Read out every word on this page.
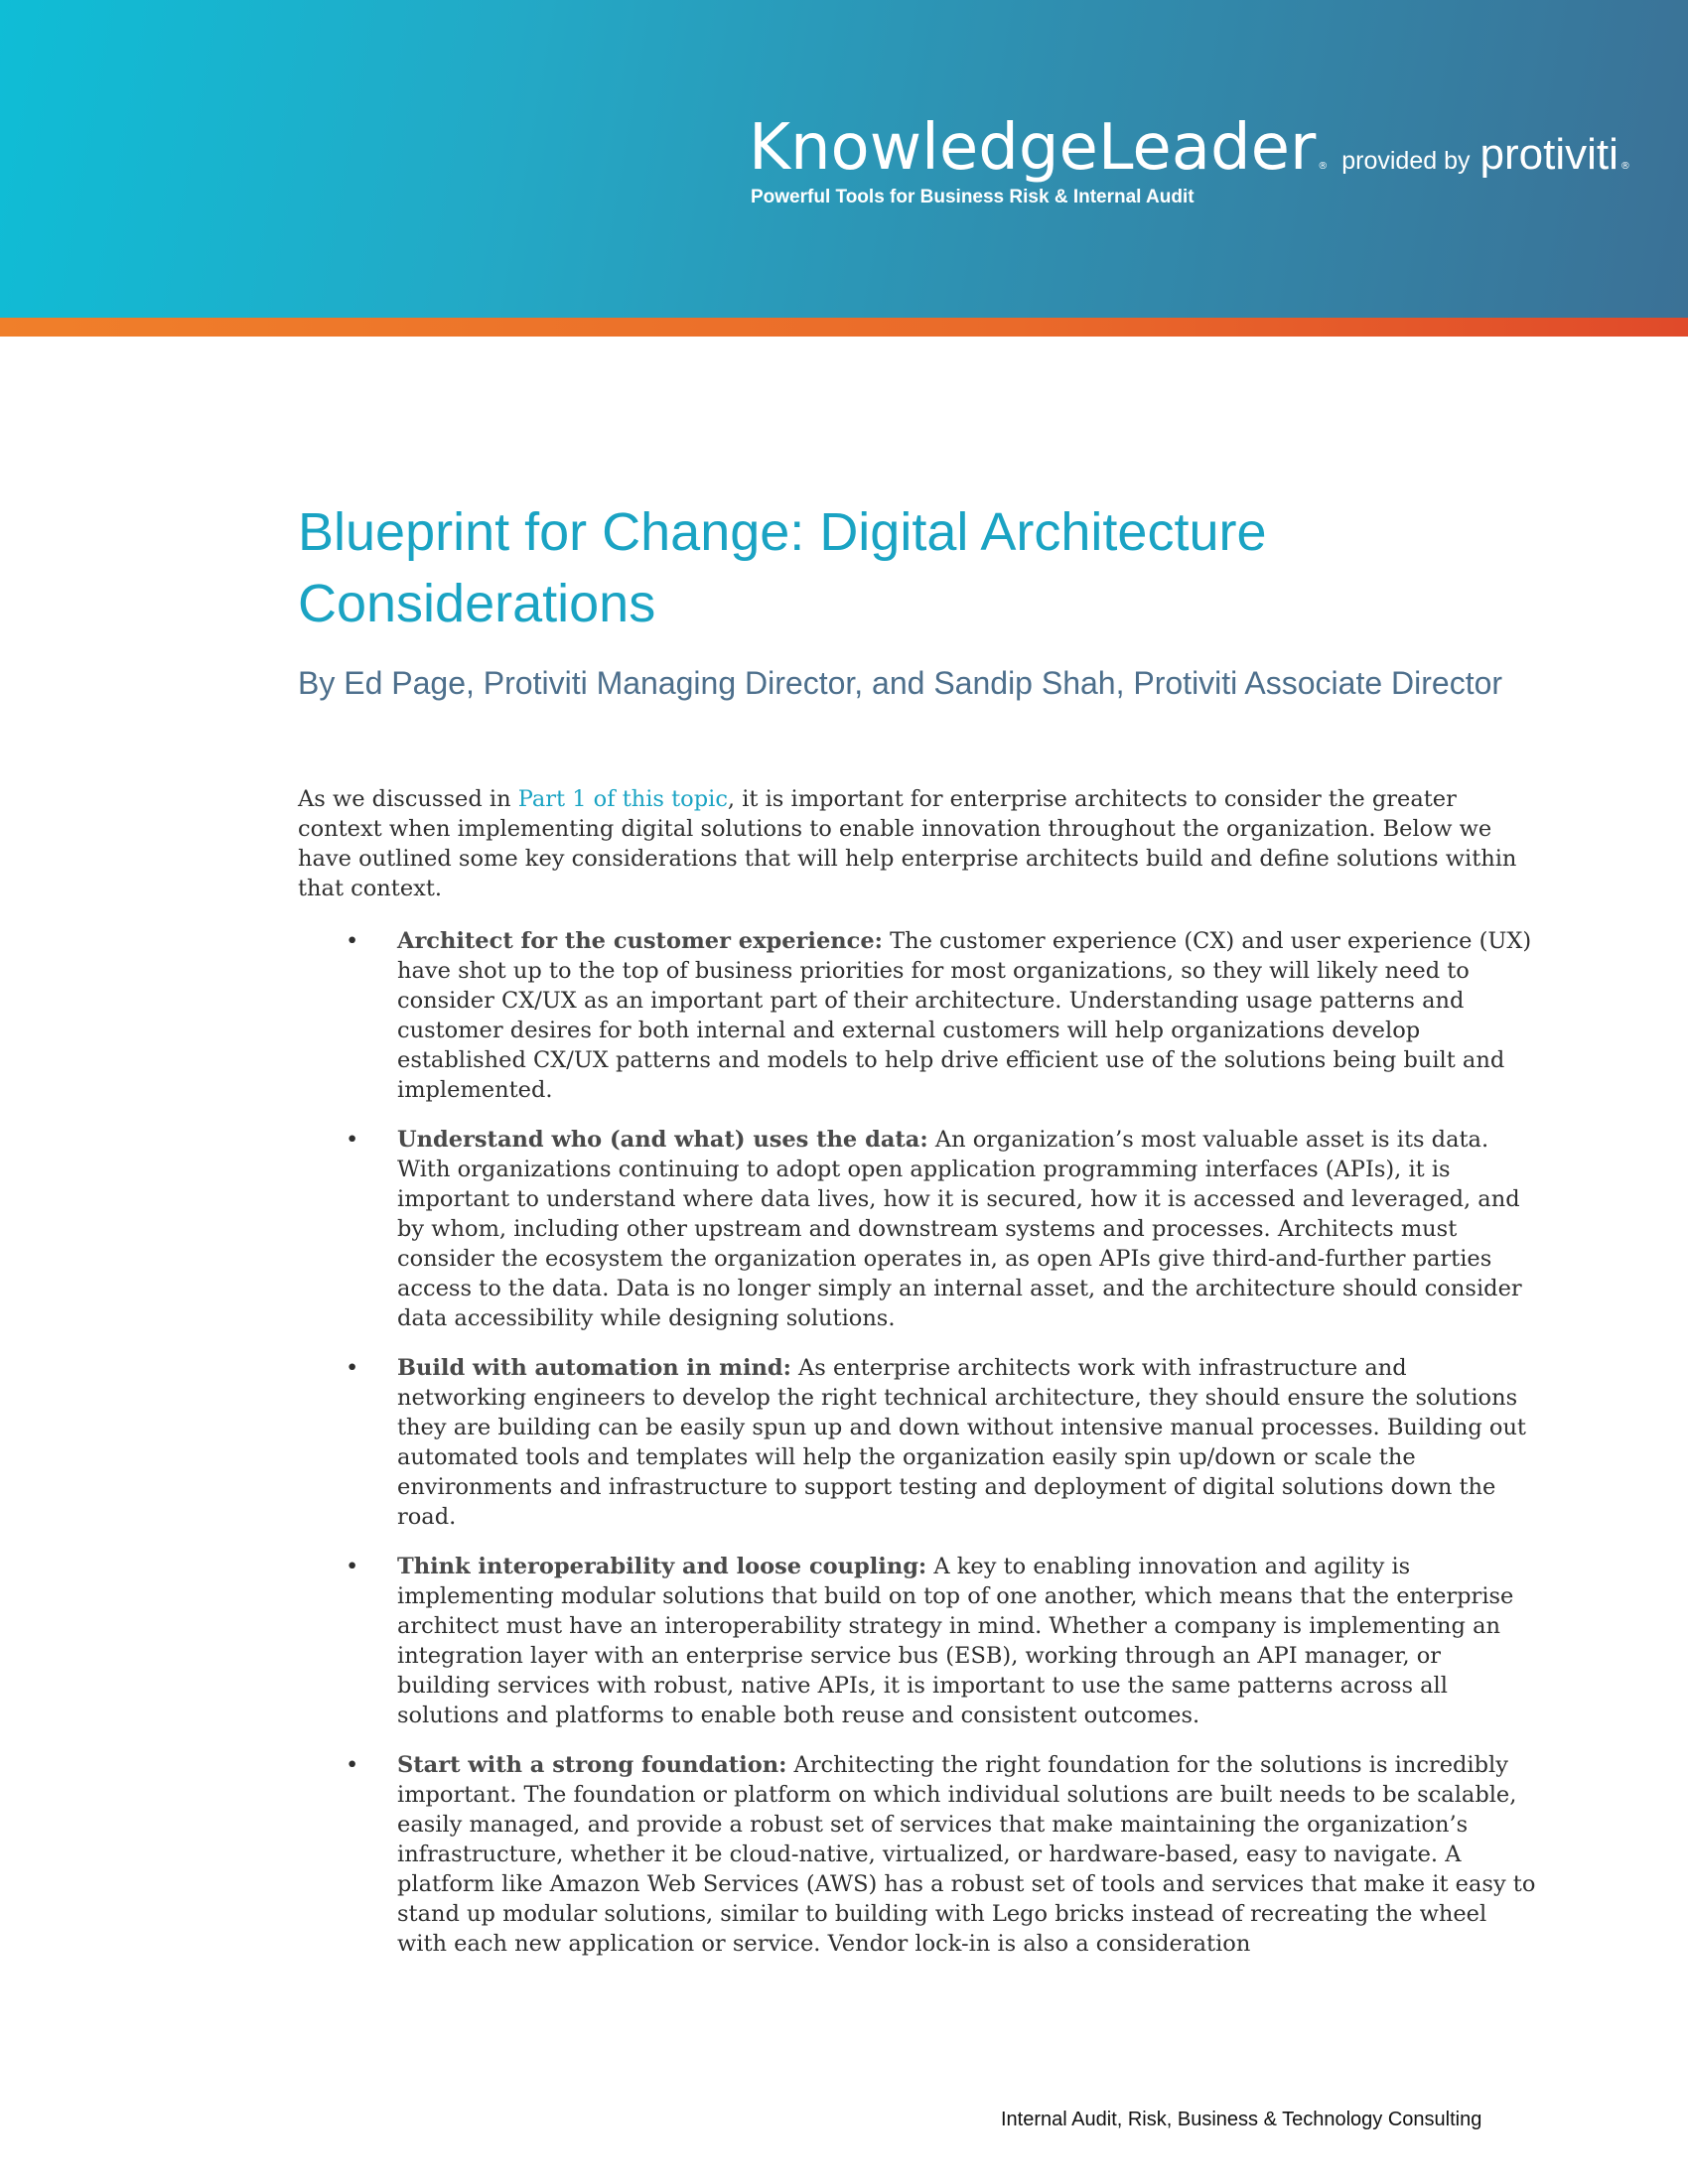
KnowledgeLeader ® provided by protiviti ®
Powerful Tools for Business Risk & Internal Audit
Blueprint for Change: Digital Architecture
Considerations
By Ed Page, Protiviti Managing Director, and Sandip Shah, Protiviti Associate Director

As we discussed in Part 1 of this topic, it is important for enterprise architects to consider the greater context when implementing digital solutions to enable innovation throughout the organization. Below we have outlined some key considerations that will help enterprise architects build and define solutions within that context.

• Architect for the customer experience: The customer experience (CX) and user experience (UX) have shot up to the top of business priorities for most organizations, so they will likely need to consider CX/UX as an important part of their architecture. Understanding usage patterns and customer desires for both internal and external customers will help organizations develop established CX/UX patterns and models to help drive efficient use of the solutions being built and implemented.
• Understand who (and what) uses the data: An organization’s most valuable asset is its data. With organizations continuing to adopt open application programming interfaces (APIs), it is important to understand where data lives, how it is secured, how it is accessed and leveraged, and by whom, including other upstream and downstream systems and processes. Architects must consider the ecosystem the organization operates in, as open APIs give third-and-further parties access to the data. Data is no longer simply an internal asset, and the architecture should consider data accessibility while designing solutions.
• Build with automation in mind: As enterprise architects work with infrastructure and networking engineers to develop the right technical architecture, they should ensure the solutions they are building can be easily spun up and down without intensive manual processes. Building out automated tools and templates will help the organization easily spin up/down or scale the environments and infrastructure to support testing and deployment of digital solutions down the road.
• Think interoperability and loose coupling: A key to enabling innovation and agility is implementing modular solutions that build on top of one another, which means that the enterprise architect must have an interoperability strategy in mind. Whether a company is implementing an integration layer with an enterprise service bus (ESB), working through an API manager, or building services with robust, native APIs, it is important to use the same patterns across all solutions and platforms to enable both reuse and consistent outcomes.
• Start with a strong foundation: Architecting the right foundation for the solutions is incredibly important. The foundation or platform on which individual solutions are built needs to be scalable, easily managed, and provide a robust set of services that make maintaining the organization’s infrastructure, whether it be cloud-native, virtualized, or hardware-based, easy to navigate. A platform like Amazon Web Services (AWS) has a robust set of tools and services that make it easy to stand up modular solutions, similar to building with Lego bricks instead of recreating the wheel with each new application or service. Vendor lock-in is also a consideration
Internal Audit, Risk, Business & Technology Consulting
